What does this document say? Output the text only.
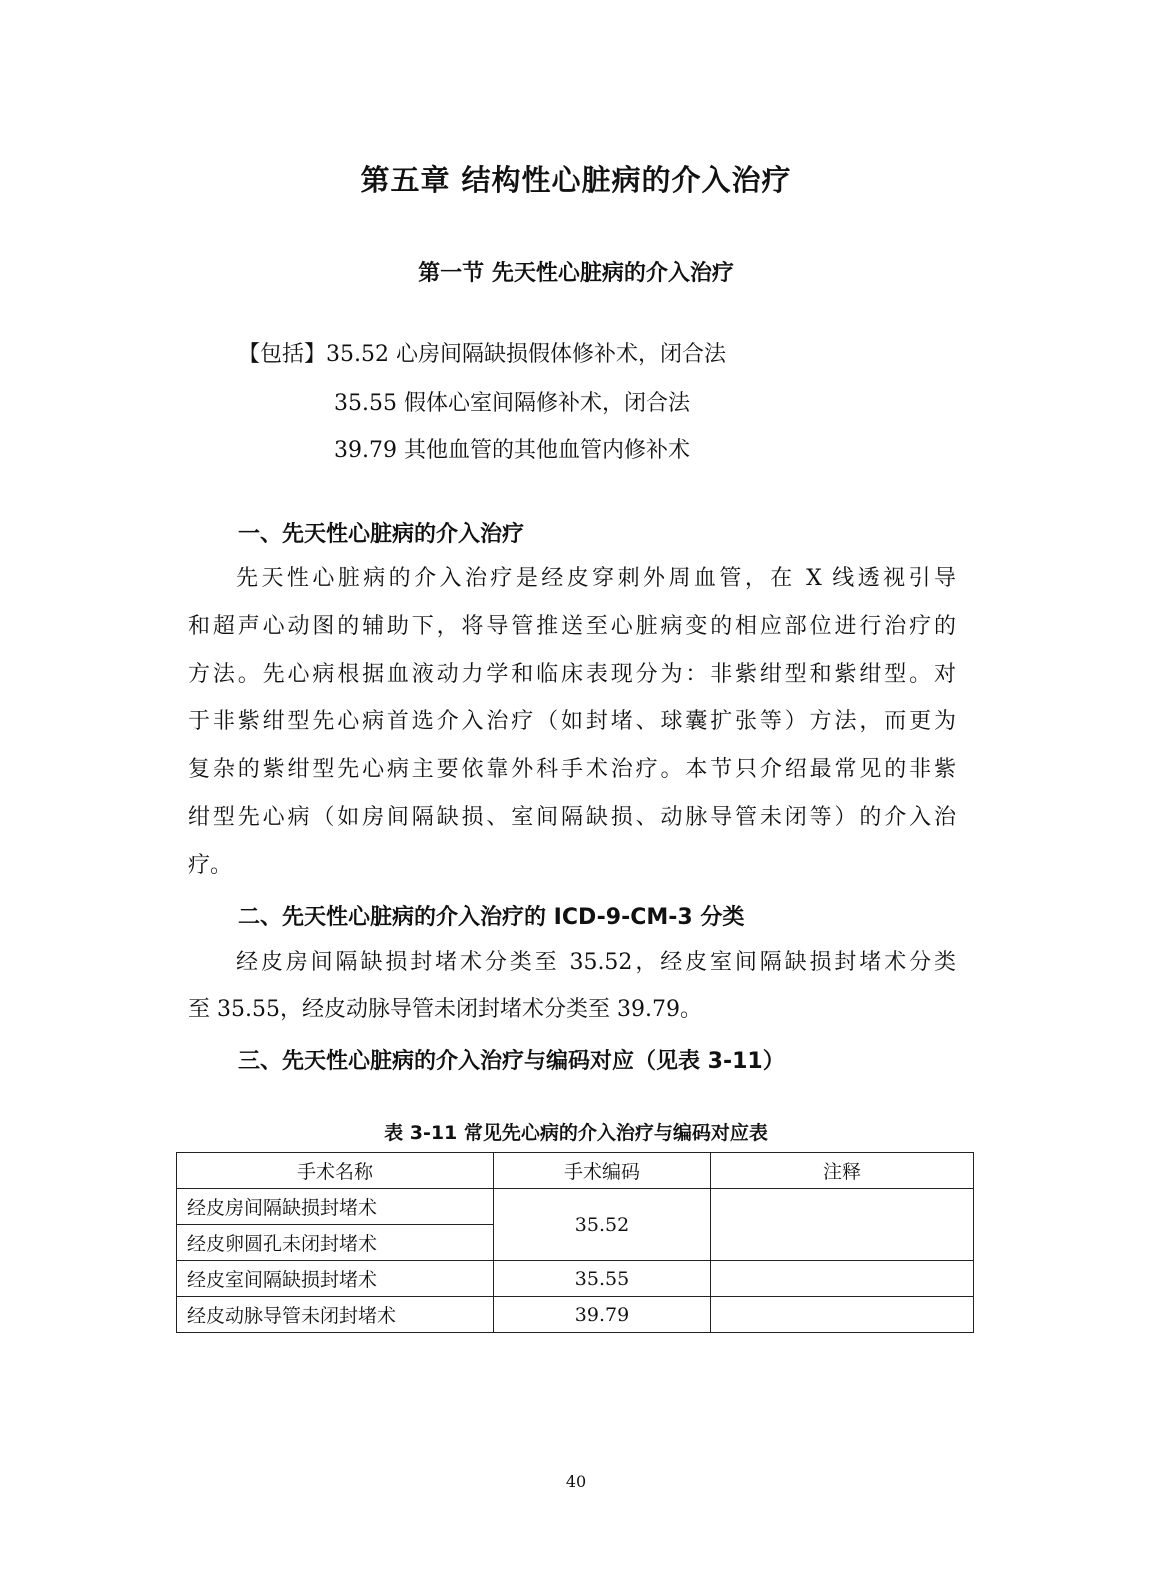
第五章 结构性心脏病的介入治疗
第一节 先天性心脏病的介入治疗
【包括】35.52 心房间隔缺损假体修补术，闭合法
35.55 假体心室间隔修补术，闭合法
39.79 其他血管的其他血管内修补术
一、先天性心脏病的介入治疗
先天性心脏病的介入治疗是经皮穿刺外周血管，在 X 线透视引导
和超声心动图的辅助下，将导管推送至心脏病变的相应部位进行治疗的
方法。先心病根据血液动力学和临床表现分为：非紫绀型和紫绀型。对
于非紫绀型先心病首选介入治疗（如封堵、球囊扩张等）方法，而更为
复杂的紫绀型先心病主要依靠外科手术治疗。本节只介绍最常见的非紫
绀型先心病（如房间隔缺损、室间隔缺损、动脉导管未闭等）的介入治
疗。
二、先天性心脏病的介入治疗的 ICD-9-CM-3 分类
经皮房间隔缺损封堵术分类至 35.52，经皮室间隔缺损封堵术分类
至 35.55，经皮动脉导管未闭封堵术分类至 39.79。
三、先天性心脏病的介入治疗与编码对应（见表 3-11）
表 3-11 常见先心病的介入治疗与编码对应表
手术名称	手术编码	注释
经皮房间隔缺损封堵术	35.52	
经皮卵圆孔未闭封堵术		
经皮室间隔缺损封堵术	35.55	
经皮动脉导管未闭封堵术	39.79	
40
